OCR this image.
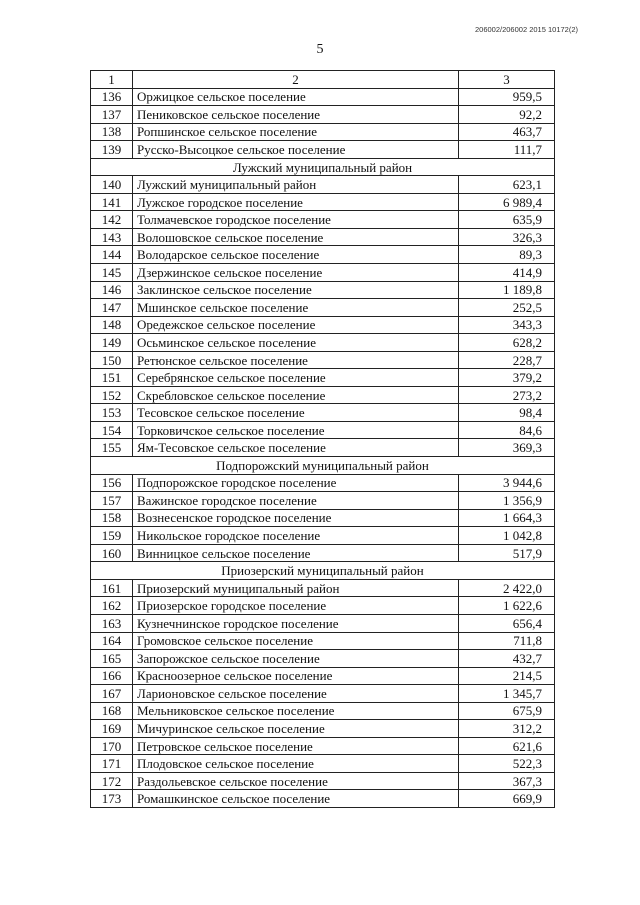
206002/206002 2015 10172(2)
5
1	2	3
136	Оржицкое сельское поселение	959,5
137	Пениковское сельское поселение	92,2
138	Ропшинское сельское поселение	463,7
139	Русско-Высоцкое сельское поселение	111,7
Лужский муниципальный район		
140	Лужский муниципальный район	623,1
141	Лужское городское поселение	6 989,4
142	Толмачевское городское поселение	635,9
143	Волошовское сельское поселение	326,3
144	Володарское сельское поселение	89,3
145	Дзержинское сельское поселение	414,9
146	Заклинское сельское поселение	1 189,8
147	Мшинское сельское поселение	252,5
148	Оредежское сельское поселение	343,3
149	Осьминское сельское поселение	628,2
150	Ретюнское сельское поселение	228,7
151	Серебрянское сельское поселение	379,2
152	Скребловское сельское поселение	273,2
153	Тесовское сельское поселение	98,4
154	Торковичское сельское поселение	84,6
155	Ям-Тесовское сельское поселение	369,3
Подпорожский муниципальный район		
156	Подпорожское городское поселение	3 944,6
157	Важинское городское поселение	1 356,9
158	Вознесенское городское поселение	1 664,3
159	Никольское городское поселение	1 042,8
160	Винницкое сельское поселение	517,9
Приозерский муниципальный район		
161	Приозерский муниципальный район	2 422,0
162	Приозерское городское поселение	1 622,6
163	Кузнечнинское городское поселение	656,4
164	Громовское сельское поселение	711,8
165	Запорожское сельское поселение	432,7
166	Красноозерное сельское поселение	214,5
167	Ларионовское сельское поселение	1 345,7
168	Мельниковское сельское поселение	675,9
169	Мичуринское сельское поселение	312,2
170	Петровское сельское поселение	621,6
171	Плодовское сельское поселение	522,3
172	Раздольевское сельское поселение	367,3
173	Ромашкинское сельское поселение	669,9
